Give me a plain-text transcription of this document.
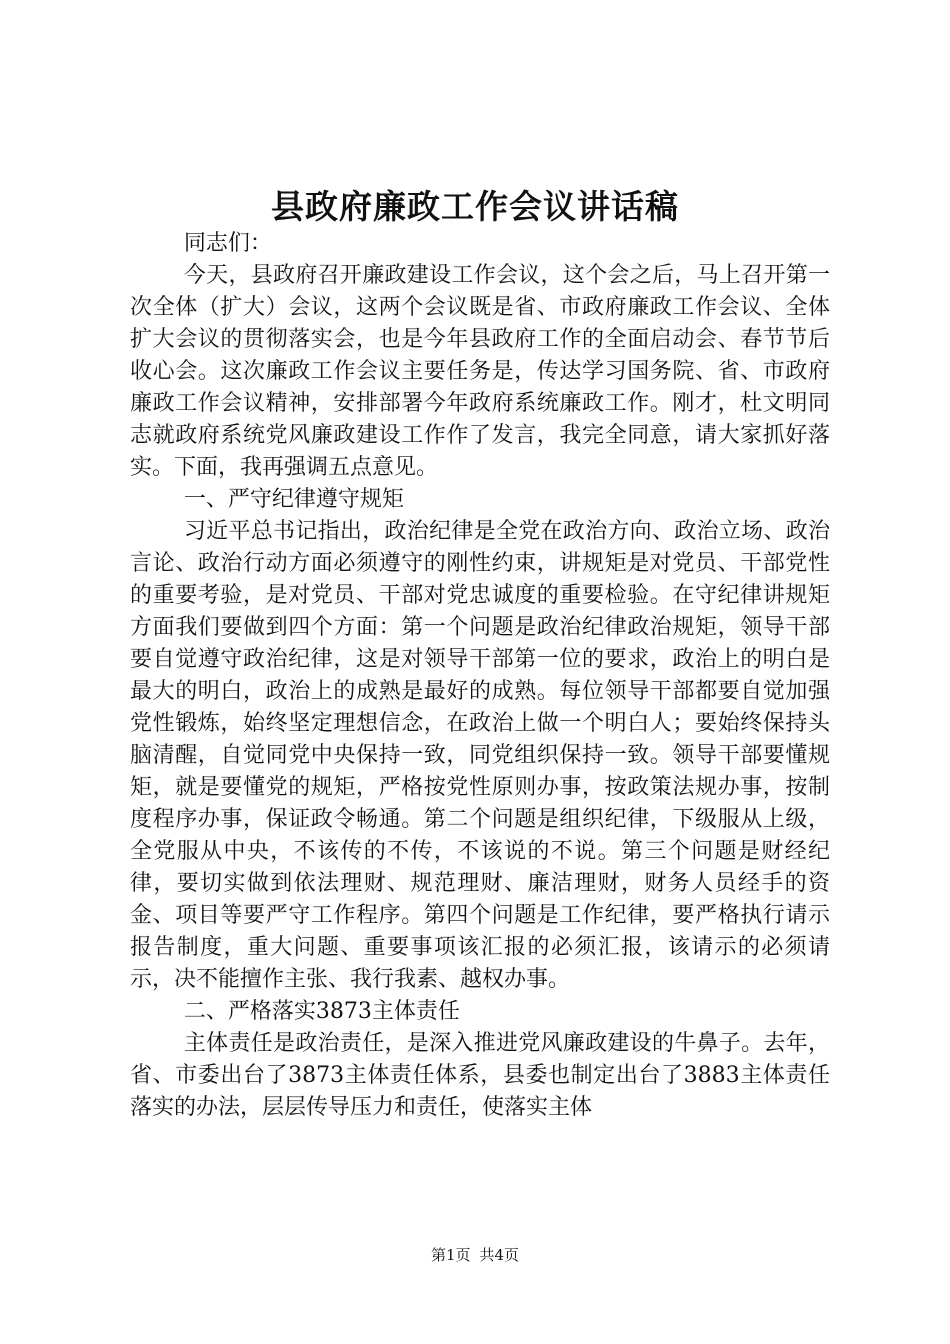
县政府廉政工作会议讲话稿

同志们：

今天，县政府召开廉政建设工作会议，这个会之后，马上召开第一次全体（扩大）会议，这两个会议既是省、市政府廉政工作会议、全体扩大会议的贯彻落实会，也是今年县政府工作的全面启动会、春节节后收心会。这次廉政工作会议主要任务是，传达学习国务院、省、市政府廉政工作会议精神，安排部署今年政府系统廉政工作。刚才，杜文明同志就政府系统党风廉政建设工作作了发言，我完全同意，请大家抓好落实。下面，我再强调五点意见。

一、严守纪律遵守规矩

习近平总书记指出，政治纪律是全党在政治方向、政治立场、政治言论、政治行动方面必须遵守的刚性约束，讲规矩是对党员、干部党性的重要考验，是对党员、干部对党忠诚度的重要检验。在守纪律讲规矩方面我们要做到四个方面：第一个问题是政治纪律政治规矩，领导干部要自觉遵守政治纪律，这是对领导干部第一位的要求，政治上的明白是最大的明白，政治上的成熟是最好的成熟。每位领导干部都要自觉加强党性锻炼，始终坚定理想信念，在政治上做一个明白人；要始终保持头脑清醒，自觉同党中央保持一致，同党组织保持一致。领导干部要懂规矩，就是要懂党的规矩，严格按党性原则办事，按政策法规办事，按制度程序办事，保证政令畅通。第二个问题是组织纪律，下级服从上级，全党服从中央，不该传的不传，不该说的不说。第三个问题是财经纪律，要切实做到依法理财、规范理财、廉洁理财，财务人员经手的资金、项目等要严守工作程序。第四个问题是工作纪律，要严格执行请示报告制度，重大问题、重要事项该汇报的必须汇报，该请示的必须请示，决不能擅作主张、我行我素、越权办事。

二、严格落实3873主体责任

主体责任是政治责任，是深入推进党风廉政建设的牛鼻子。去年，省、市委出台了3873主体责任体系，县委也制定出台了3883主体责任落实的办法，层层传导压力和责任，使落实主体

第1页 共4页
